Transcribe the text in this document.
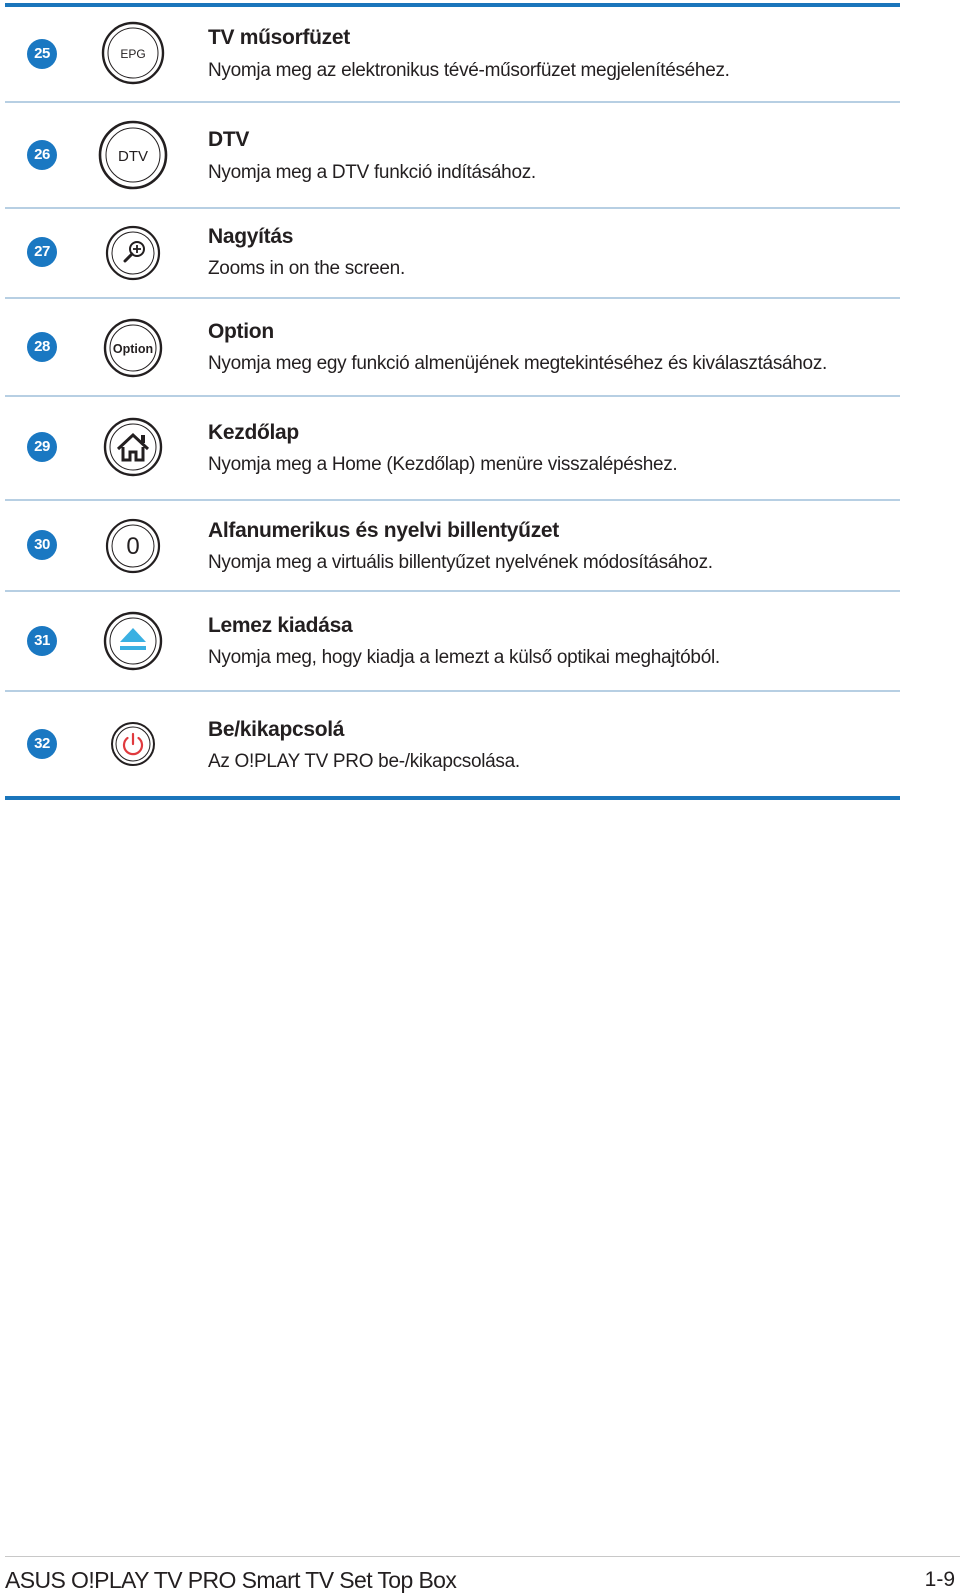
25	EPG
TV műsorfüzet
Nyomja meg az elektronikus tévé-műsorfüzet megjelenítéséhez.
26	DTV
DTV
Nyomja meg a DTV funkció indításához.
27
Nagyítás
Zooms in on the screen.
28	Option
Option
Nyomja meg egy funkció almenüjének megtekintéséhez és kiválasztásához.
29
Kezdőlap
Nyomja meg a Home (Kezdőlap) menüre visszalépéshez.
30	0
Alfanumerikus és nyelvi billentyűzet
Nyomja meg a virtuális billentyűzet nyelvének módosításához.
31
Lemez kiadása
Nyomja meg, hogy kiadja a lemezt a külső optikai meghajtóból.
32
Be/kikapcsolá
Az O!PLAY TV PRO be-/kikapcsolása.
ASUS O!PLAY TV PRO Smart TV Set Top Box	1-9
